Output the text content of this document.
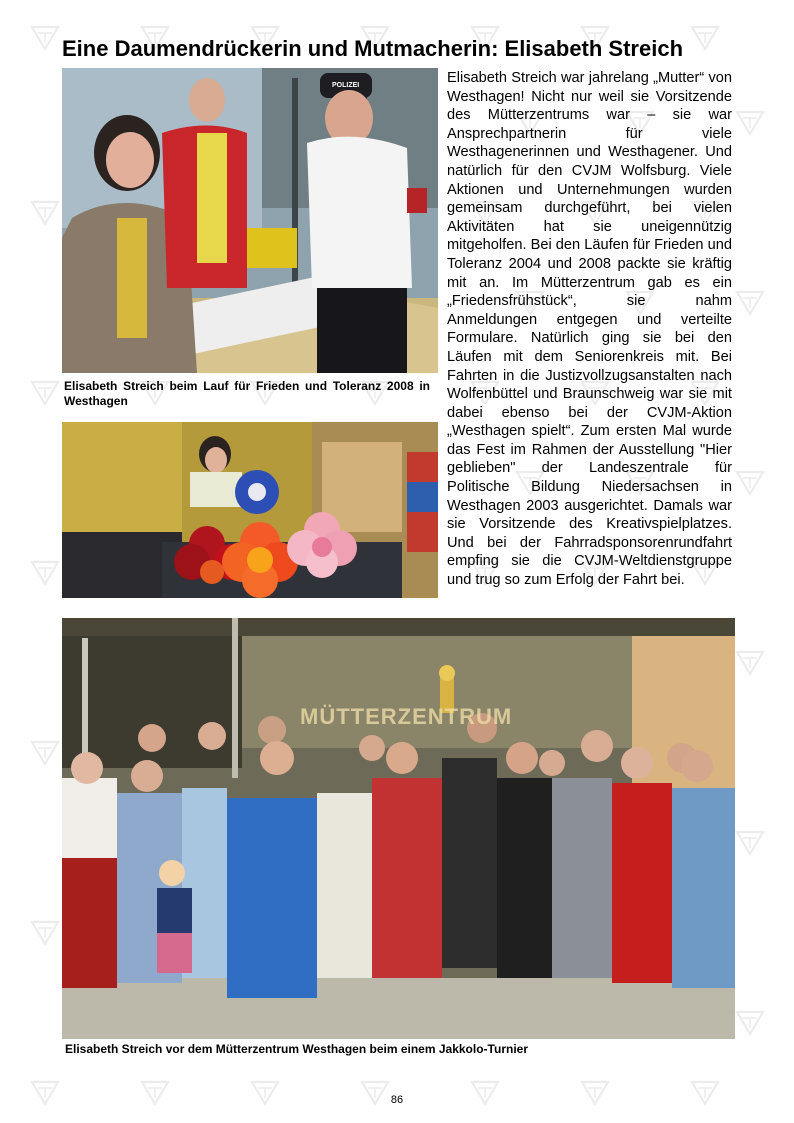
Eine Daumendrückerin und Mutmacherin: Elisabeth Streich
POLIZEI
Elisabeth Streich beim Lauf für Frieden und Toleranz 2008 in Westhagen

Elisabeth Streich war jahrelang „Mutter“ von Westhagen! Nicht nur weil sie Vorsitzende des Mütterzentrums war – sie war Ansprechpartnerin für viele Westhagenerinnen und Westhagener. Und natürlich für den CVJM Wolfsburg. Viele Aktionen und Unternehmungen wurden gemeinsam durchgeführt, bei vielen Aktivitäten hat sie uneigennützig mitgeholfen. Bei den Läufen für Frieden und Toleranz 2004 und 2008 packte sie kräftig mit an. Im Mütterzentrum gab es ein „Friedensfrühstück“, sie nahm Anmeldungen entgegen und verteilte Formulare. Natürlich ging sie bei den Läufen mit dem Seniorenkreis mit. Bei Fahrten in die Justizvollzugsanstalten nach Wolfenbüttel und Braunschweig war sie mit dabei ebenso bei der CVJM-Aktion „Westhagen spielt“. Zum ersten Mal wurde das Fest im Rahmen der Ausstellung "Hier geblieben" der Landeszentrale für Politische Bildung Niedersachsen in Westhagen 2003 ausgerichtet. Damals war sie Vorsitzende des Kreativspielplatzes. Und bei der Fahrradsponsorenrundfahrt empfing sie die CVJM-Weltdienstgruppe und trug so zum Erfolg der Fahrt bei.

MÜTTERZENTRUM
Elisabeth Streich vor dem Mütterzentrum Westhagen beim einem Jakkolo-Turnier
86
